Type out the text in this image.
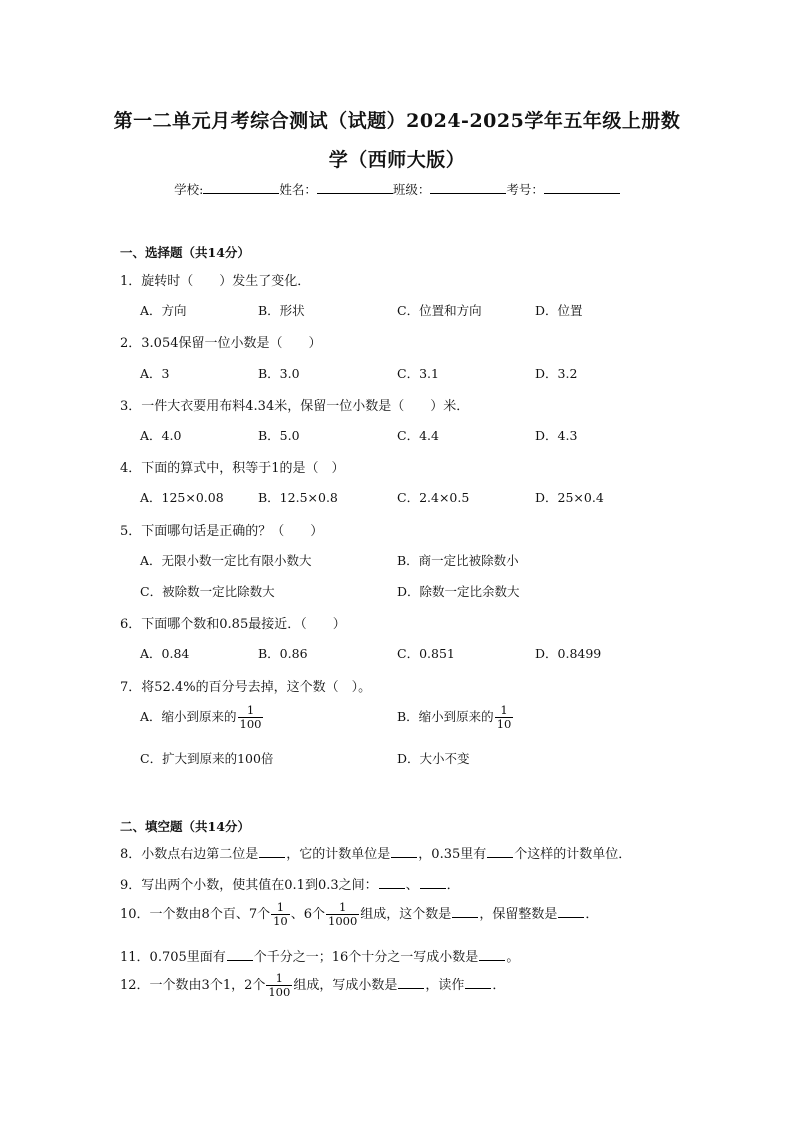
第一二单元月考综合测试（试题）2024-2025学年五年级上册数
学（西师大版）
学校:	姓名：	班级：	考号：
一、选择题（共14分）
1．旋转时（　　）发生了变化．
A．方向	B．形状	C．位置和方向	D．位置
2．3.054保留一位小数是（　　）
A．3	B．3.0	C．3.1	D．3.2
3．一件大衣要用布料4.34米，保留一位小数是（　　）米．
A．4.0	B．5.0	C．4.4	D．4.3
4．下面的算式中，积等于1的是（　）
A．125×0.08	B．12.5×0.8	C．2.4×0.5	D．25×0.4
5．下面哪句话是正确的？（　　）
A．无限小数一定比有限小数大	B．商一定比被除数小
C．被除数一定比除数大	D．除数一定比余数大
6．下面哪个数和0.85最接近．（　　）
A．0.84	B．0.86	C．0.851	D．0.8499
7．将52.4%的百分号去掉，这个数（　）。
A．缩小到原来的 $\frac{1}{100}$	B．缩小到原来的 $\frac{1}{10}$
C．扩大到原来的100倍	D．大小不变
二、填空题（共14分）
8．小数点右边第二位是 ，它的计数单位是 ，0.35里有 个这样的计数单位．
9．写出两个小数，使其值在0.1到0.3之间： 、 ．
10．一个数由8个百、7个 $\frac{1}{10}$ 、6个 $\frac{1}{1000}$ 组成，这个数是 ，保留整数是 ．
11．0.705里面有 个千分之一；16个十分之一写成小数是 。
12．一个数由3个1，2个 $\frac{1}{100}$ 组成，写成小数是 ，读作 ．
